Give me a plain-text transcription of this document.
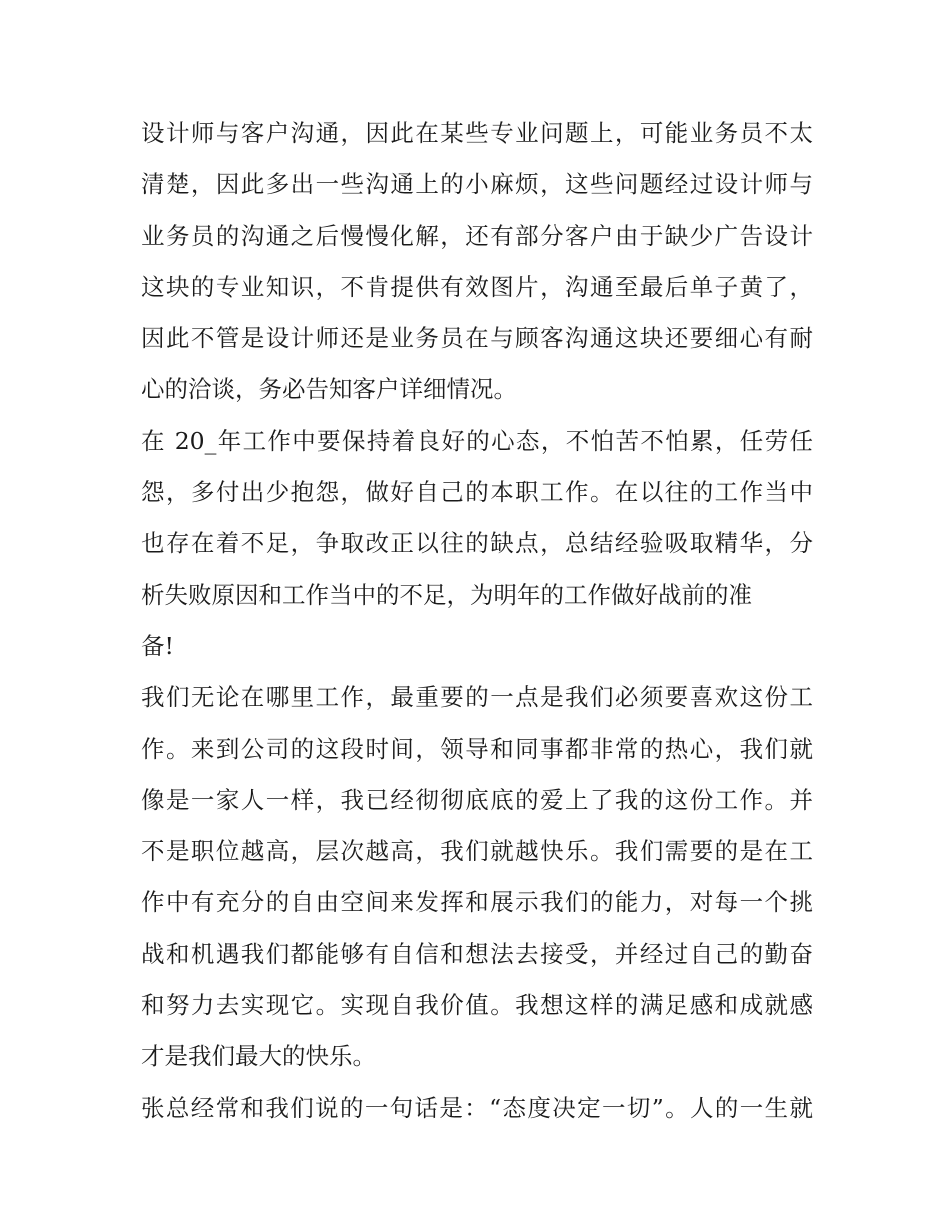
设计师与客户沟通，因此在某些专业问题上，可能业务员不太
清楚，因此多出一些沟通上的小麻烦，这些问题经过设计师与
业务员的沟通之后慢慢化解，还有部分客户由于缺少广告设计
这块的专业知识，不肯提供有效图片，沟通至最后单子黄了，
因此不管是设计师还是业务员在与顾客沟通这块还要细心有耐
心的洽谈，务必告知客户详细情况。
在 20_年工作中要保持着良好的心态，不怕苦不怕累，任劳任
怨，多付出少抱怨，做好自己的本职工作。在以往的工作当中
也存在着不足，争取改正以往的缺点，总结经验吸取精华，分
析失败原因和工作当中的不足，为明年的工作做好战前的准
备!
我们无论在哪里工作，最重要的一点是我们必须要喜欢这份工
作。来到公司的这段时间，领导和同事都非常的热心，我们就
像是一家人一样，我已经彻彻底底的爱上了我的这份工作。并
不是职位越高，层次越高，我们就越快乐。我们需要的是在工
作中有充分的自由空间来发挥和展示我们的能力，对每一个挑
战和机遇我们都能够有自信和想法去接受，并经过自己的勤奋
和努力去实现它。实现自我价值。我想这样的满足感和成就感
才是我们最大的快乐。
张总经常和我们说的一句话是：“态度决定一切”。人的一生就
